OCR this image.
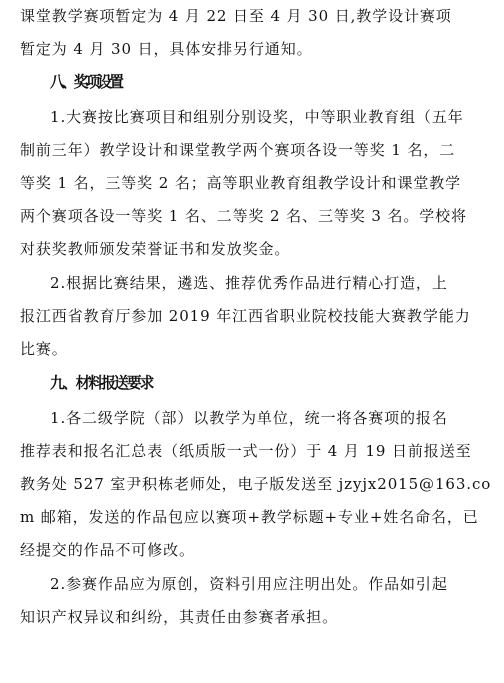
课堂教学赛项暂定为 4 月 22 日至 4 月 30 日,教学设计赛项
暂定为 4 月 30 日，具体安排另行通知。
八、奖项设置
1.大赛按比赛项目和组别分别设奖，中等职业教育组（五年
制前三年）教学设计和课堂教学两个赛项各设一等奖 1 名，二
等奖 1 名，三等奖 2 名；高等职业教育组教学设计和课堂教学
两个赛项各设一等奖 1 名、二等奖 2 名、三等奖 3 名。学校将
对获奖教师颁发荣誉证书和发放奖金。
2.根据比赛结果，遴选、推荐优秀作品进行精心打造，上
报江西省教育厅参加 2019 年江西省职业院校技能大赛教学能力
比赛。
九、材料报送要求
1.各二级学院（部）以教学为单位，统一将各赛项的报名
推荐表和报名汇总表（纸质版一式一份）于 4 月 19 日前报送至
教务处 527 室尹积栋老师处，电子版发送至 jzyjx2015@163.co
m 邮箱，发送的作品包应以赛项+教学标题+专业+姓名命名，已
经提交的作品不可修改。
2.参赛作品应为原创，资料引用应注明出处。作品如引起
知识产权异议和纠纷，其责任由参赛者承担。
